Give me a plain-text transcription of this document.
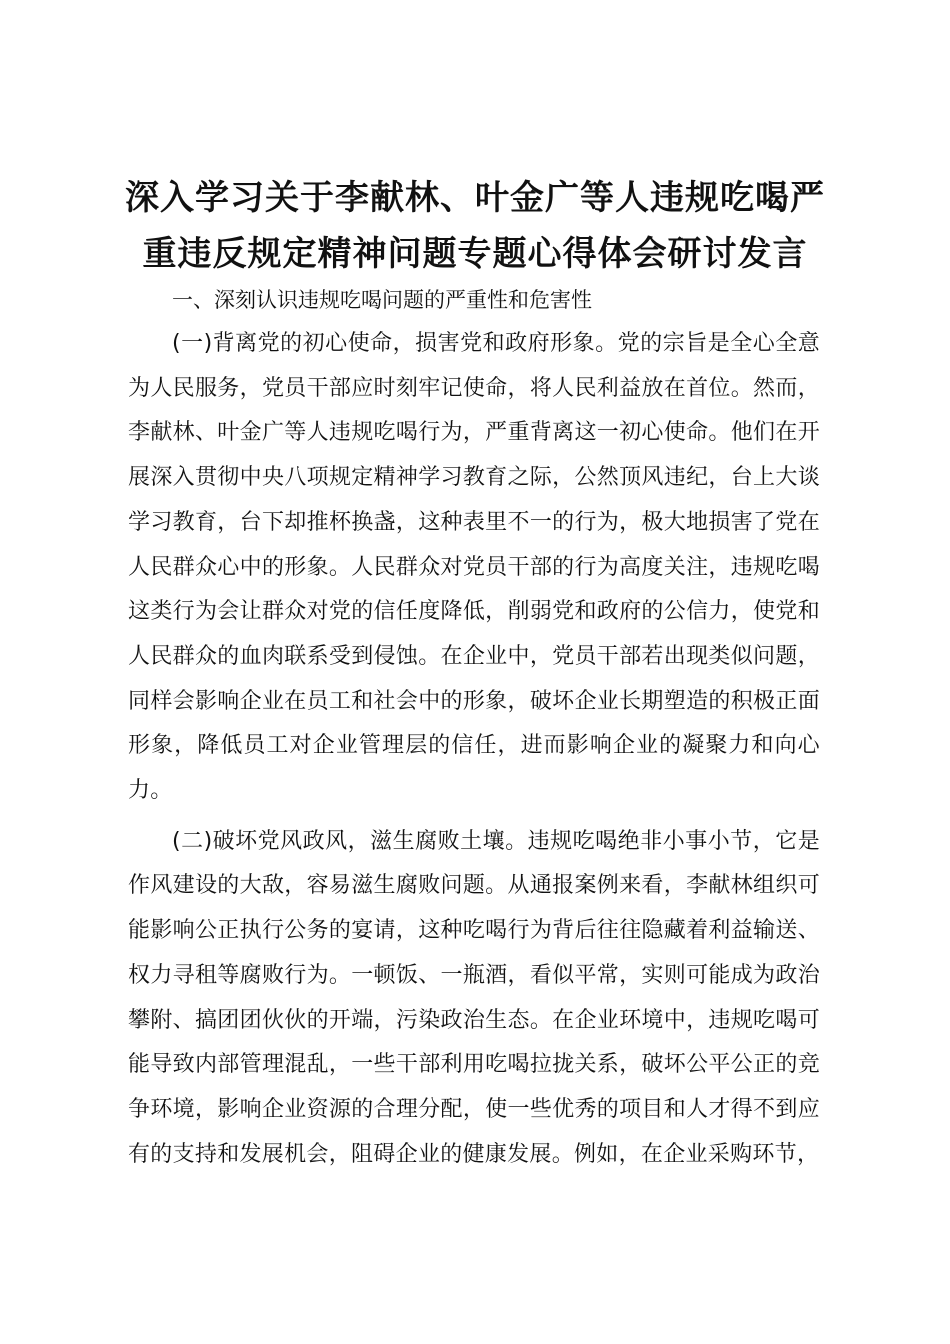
深入学习关于李献林、叶金广等人违规吃喝严
重违反规定精神问题专题心得体会研讨发言

一、深刻认识违规吃喝问题的严重性和危害性

(一)背离党的初心使命，损害党和政府形象。党的宗旨是全心全意为人民服务，党员干部应时刻牢记使命，将人民利益放在首位。然而，李献林、叶金广等人违规吃喝行为，严重背离这一初心使命。他们在开展深入贯彻中央八项规定精神学习教育之际，公然顶风违纪，台上大谈学习教育，台下却推杯换盏，这种表里不一的行为，极大地损害了党在人民群众心中的形象。人民群众对党员干部的行为高度关注，违规吃喝这类行为会让群众对党的信任度降低，削弱党和政府的公信力，使党和人民群众的血肉联系受到侵蚀。在企业中，党员干部若出现类似问题，同样会影响企业在员工和社会中的形象，破坏企业长期塑造的积极正面形象，降低员工对企业管理层的信任，进而影响企业的凝聚力和向心力。

(二)破坏党风政风，滋生腐败土壤。违规吃喝绝非小事小节，它是作风建设的大敌，容易滋生腐败问题。从通报案例来看，李献林组织可能影响公正执行公务的宴请，这种吃喝行为背后往往隐藏着利益输送、权力寻租等腐败行为。一顿饭、一瓶酒，看似平常，实则可能成为政治攀附、搞团团伙伙的开端，污染政治生态。在企业环境中，违规吃喝可能导致内部管理混乱，一些干部利用吃喝拉拢关系，破坏公平公正的竞争环境，影响企业资源的合理分配，使一些优秀的项目和人才得不到应有的支持和发展机会，阻碍企业的健康发展。例如，在企业采购环节，
